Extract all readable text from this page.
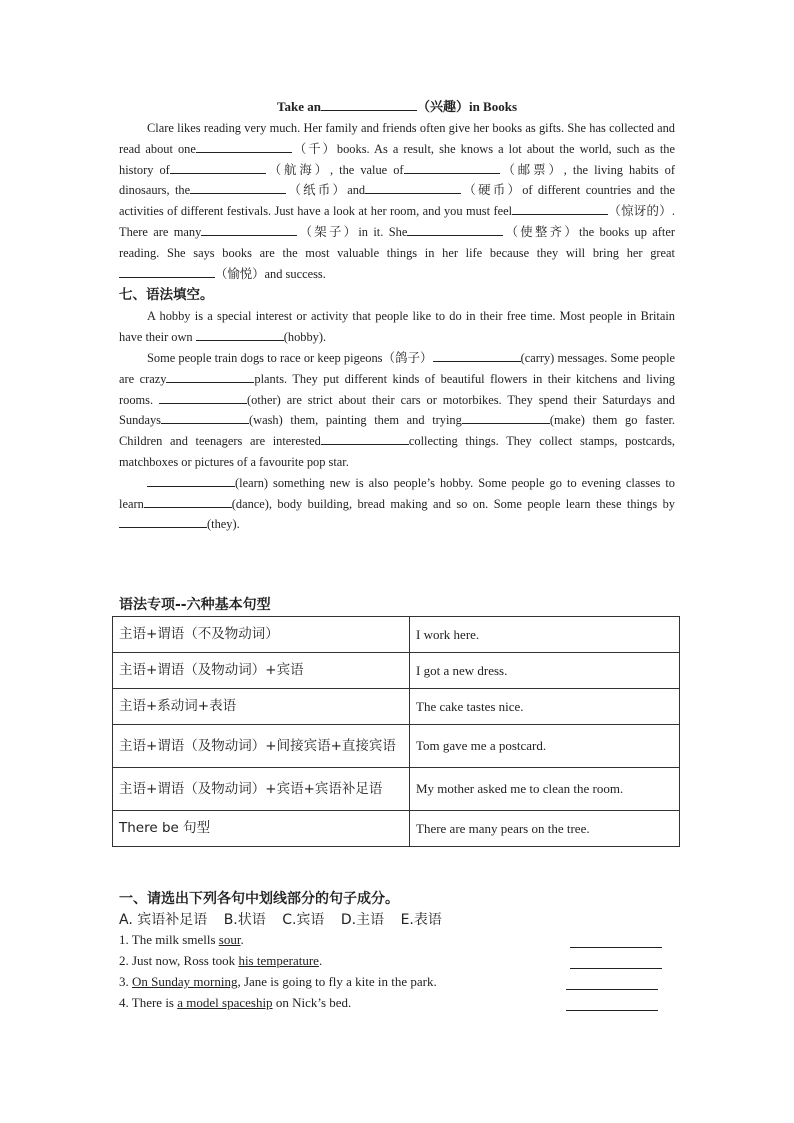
Take an	（兴趣）in Books

Clare likes reading very much. Her family and friends often give her books as gifts. She has collected and read about one	（千）books. As a result, she knows a lot about the world, such as the history of	（航海）, the value of	（邮票）, the living habits of dinosaurs, the	（纸币）and	（硬币）of different countries and the activities of different festivals. Just have a look at her room, and you must feel	（惊讶的）. There are many	（架子）in it. She	（使整齐）the books up after reading. She says books are the most valuable things in her life because they will bring her great（愉悦）and success.

七、语法填空。

A hobby is a special interest or activity that people like to do in their free time. Most people in Britain have their own	(hobby).

Some people train dogs to race or keep pigeons（鸽子）	(carry) messages. Some people are crazy	plants. They put different kinds of beautiful flowers in their kitchens and living rooms.	(other) are strict about their cars or motorbikes. They spend their Saturdays and Sundays	(wash) them, painting them and trying	(make) them go faster. Children and teenagers are interested	collecting things. They collect stamps, postcards, matchboxes or pictures of a favourite pop star.

(learn) something new is also people’s hobby. Some people go to evening classes to learn	(dance), body building, bread making and so on. Some people learn these things by(they).

语法专项--六种基本句型
主语+谓语（不及物动词）	I work here.
主语+谓语（及物动词）+宾语	I got a new dress.
主语+系动词+表语	The cake tastes nice.
主语+谓语（及物动词）+间接宾语+直接宾语	Tom gave me a postcard.
主语+谓语（及物动词）+宾语+宾语补足语	My mother asked me to clean the room.
There be 句型	There are many pears on the tree.
一、请选出下列各句中划线部分的句子成分。
A. 宾语补足语 B.状语 C.宾语 D.主语 E.表语
1. The milk smells sour.
2. Just now, Ross took his temperature.
3. On Sunday morning, Jane is going to fly a kite in the park.
4. There is a model spaceship on Nick’s bed.
